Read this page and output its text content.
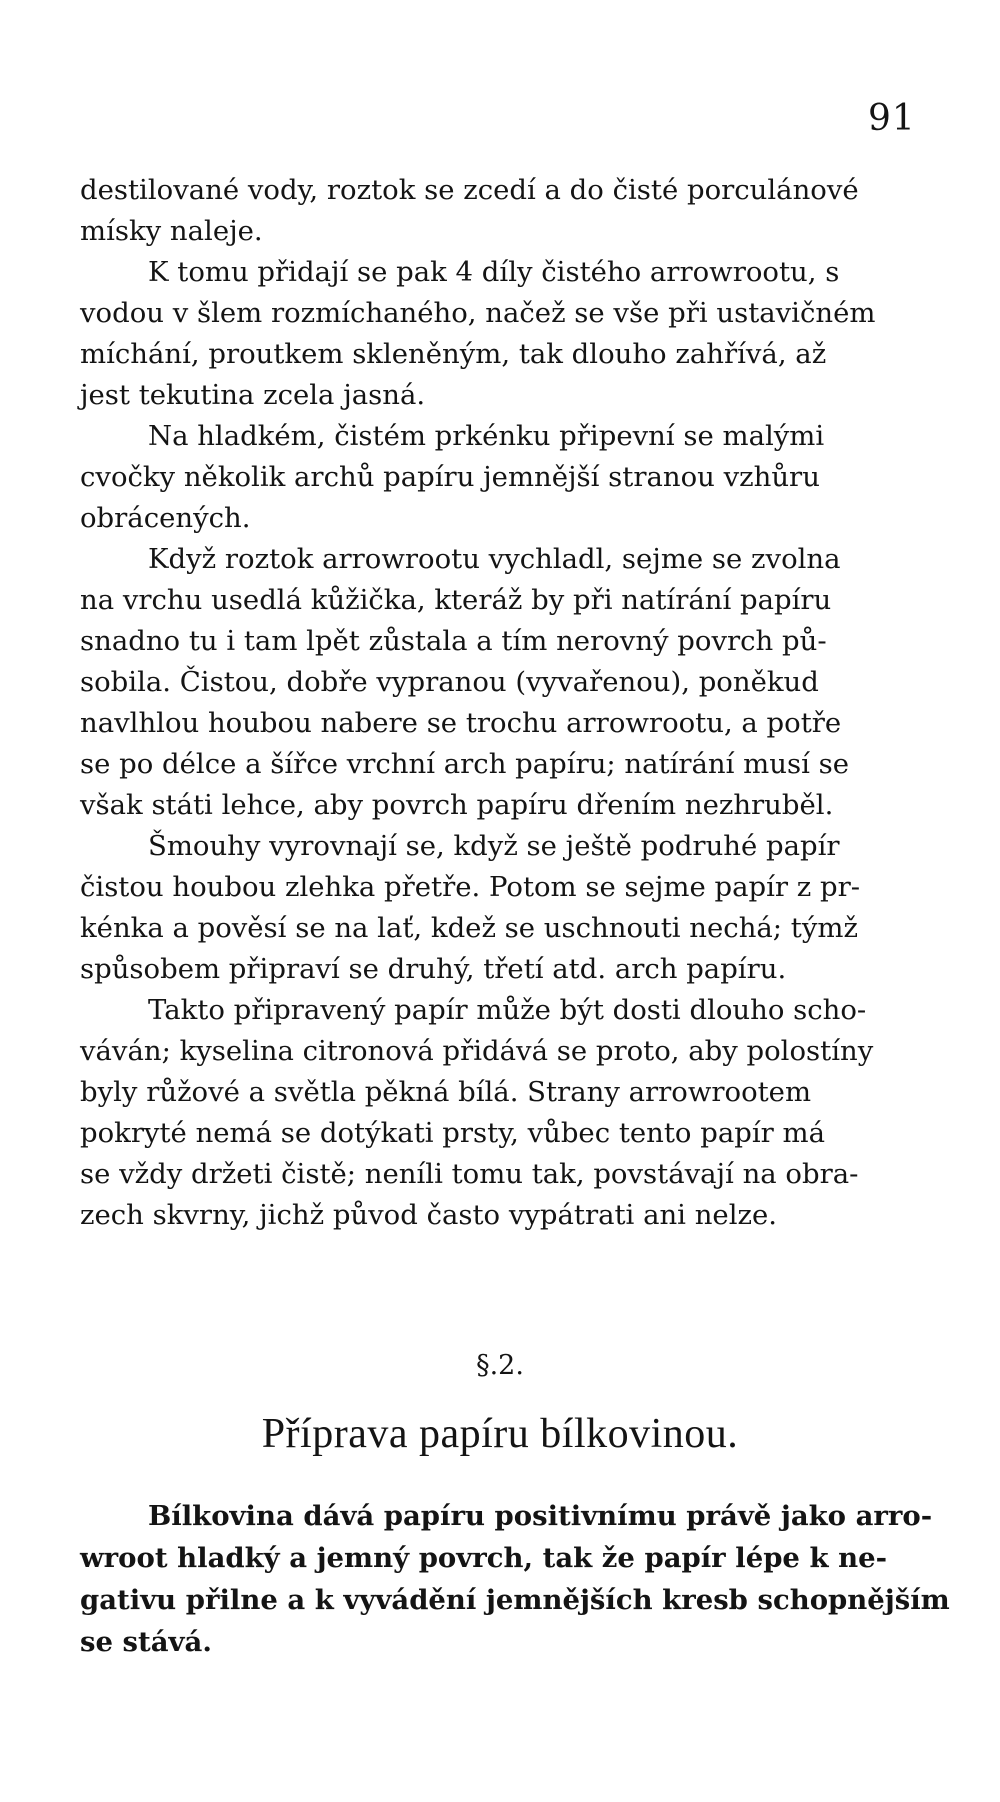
91
destilované vody, roztok se zcedí a do čisté porculánové
mísky naleje.
K tomu přidají se pak 4 díly čistého arrowrootu, s
vodou v šlem rozmíchaného, načež se vše při ustavičném
míchání, proutkem skleněným, tak dlouho zahřívá, až
jest tekutina zcela jasná.
Na hladkém, čistém prkénku připevní se malými
cvočky několik archů papíru jemnější stranou vzhůru
obrácených.
Když roztok arrowrootu vychladl, sejme se zvolna
na vrchu usedlá kůžička, kteráž by při natírání papíru
snadno tu i tam lpět zůstala a tím nerovný povrch pů-
sobila. Čistou, dobře vypranou (vyvařenou), poněkud
navlhlou houbou nabere se trochu arrowrootu, a potře
se po délce a šířce vrchní arch papíru; natírání musí se
však státi lehce, aby povrch papíru dřením nezhruběl.
Šmouhy vyrovnají se, když se ještě podruhé papír
čistou houbou zlehka přetře. Potom se sejme papír z pr-
kénka a pověsí se na lať, kdež se uschnouti nechá; týmž
spůsobem připraví se druhý, třetí atd. arch papíru.
Takto připravený papír může být dosti dlouho scho-
váván; kyselina citronová přidává se proto, aby polostíny
byly růžové a světla pěkná bílá. Strany arrowrootem
pokryté nemá se dotýkati prsty, vůbec tento papír má
se vždy držeti čistě; neníli tomu tak, povstávají na obra-
zech skvrny, jichž původ často vypátrati ani nelze.
§.2.
Příprava papíru bílkovinou.
Bílkovina dává papíru positivnímu právě jako arro-
wroot hladký a jemný povrch, tak že papír lépe k ne-
gativu přilne a k vyvádění jemnějších kresb schopnějším
se stává.
